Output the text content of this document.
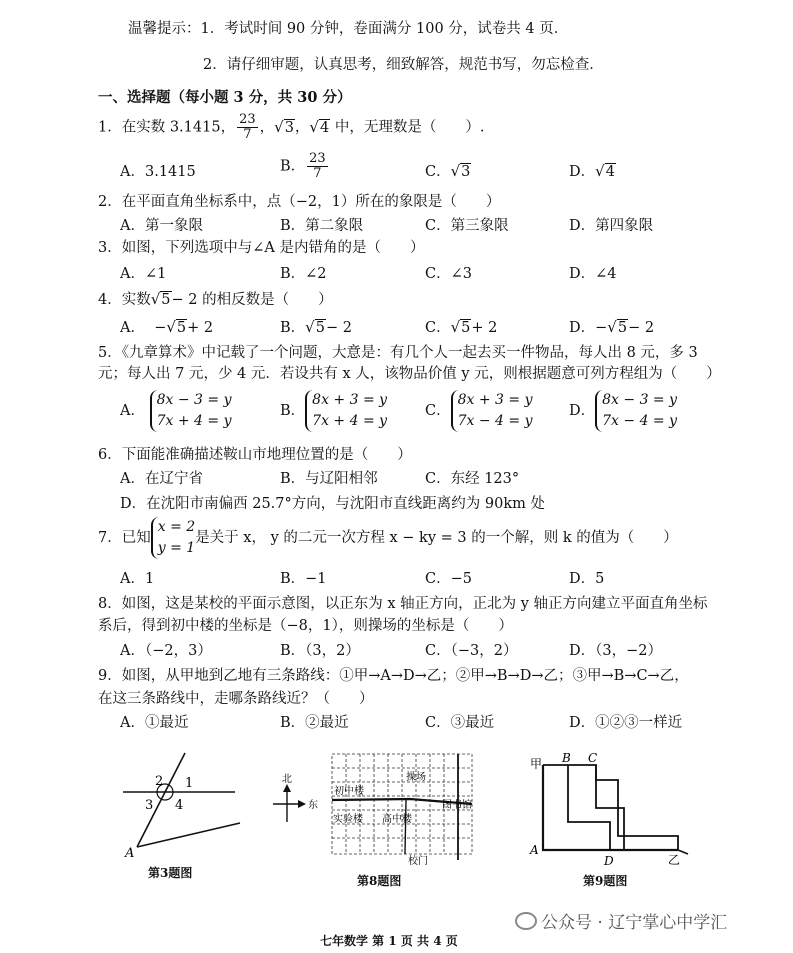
温馨提示：1．考试时间 90 分钟，卷面满分 100 分，试卷共 4 页．
2．请仔细审题，认真思考，细致解答，规范书写，勿忘检查．
一、选择题（每小题 3 分，共 30 分）
1．在实数 3.1415， $\frac{23}{7}$ ，√3，√4 中，无理数是（　　）.
A．3.1415	B． $\frac{23}{7}$	C．√3	D．√4
2．在平面直角坐标系中，点（−2，1）所在的象限是（　　）
A．第一象限	B．第二象限	C．第三象限	D．第四象限
3．如图，下列选项中与∠A 是内错角的是（　　）
A．∠1	B．∠2	C．∠3	D．∠4
4．实数√5− 2 的相反数是（　　）
A． −√5+ 2	B．√5− 2	C．√5+ 2	D．−√5− 2
5．《九章算术》中记载了一个问题，大意是：有几个人一起去买一件物品，每人出 8 元，多 3
元；每人出 7 元，少 4 元．若设共有 x 人，该物品价值 y 元，则根据题意可列方程组为（　　）
A．
8x − 3 = y
7x + 4 = y
B．
8x + 3 = y
7x + 4 = y
C．
8x + 3 = y
7x − 4 = y
D．
8x − 3 = y
7x − 4 = y
6．下面能准确描述鞍山市地理位置的是（　　）
A．在辽宁省	B．与辽阳相邻	C．东经 123°
D．在沈阳市南偏西 25.7°方向，与沈阳市直线距离约为 90km 处
7．已知
x = 2
y = 1
是关于 x， y 的二元一次方程 x − ky = 3 的一个解，则 k 的值为（　　）
A．1	B．−1	C．−5	D．5
8．如图，这是某校的平面示意图，以正东为 x 轴正方向，正北为 y 轴正方向建立平面直角坐标
系后，得到初中楼的坐标是（−8，1），则操场的坐标是（　　）
A．（−2，3）	B．（3，2）	C．（−3，2）	D．（3，−2）
9．如图，从甲地到乙地有三条路线：①甲→A→D→乙；②甲→B→D→乙；③甲→B→C→乙，
在这三条路线中，走哪条路线近？（　　）
A．①最近	B．②最近	C．③最近	D．①②③一样近
2 1
3 4
A
第3题图
北
东
操场
初中楼
图书馆
实验楼 高中楼
校门
第8题图
甲 B C
A
D	乙
第9题图
公众号 · 辽宁掌心中学汇
七年数学 第 1 页 共 4 页
